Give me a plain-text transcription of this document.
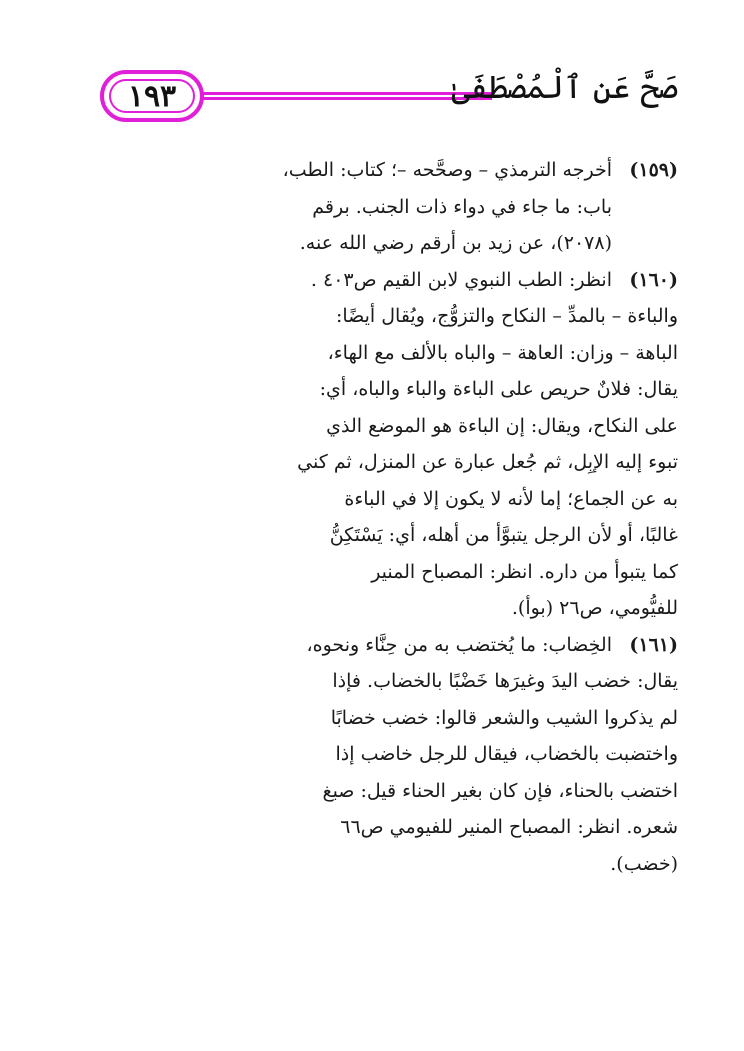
١٩٣	صَحَّ عَنِ ٱلْمُصْطَفَىٰ
(١٥٩)
أخرجه الترمذي – وصحَّحه –؛ كتاب: الطب،
باب: ما جاء في دواء ذات الجنب. برقم
(٢٠٧٨)، عن زيد بن أرقم رضي الله عنه.
(١٦٠)
انظر: الطب النبوي لابن القيم ص٤٠٣ .
والباءة – بالمدِّ – النكاح والتزوُّج، ويُقال أيضًا:
الباهة – وزان: العاهة – والباه بالألف مع الهاء،
يقال: فلانٌ حريص على الباءة والباء والباه، أي:
على النكاح، ويقال: إن الباءة هو الموضع الذي
تبوء إليه الإبِل، ثم جُعل عبارة عن المنزل، ثم كني
به عن الجماع؛ إما لأنه لا يكون إلا في الباءة
غالبًا، أو لأن الرجل يتبوَّأ من أهله، أي: يَسْتَكِنُّ
كما يتبوأ من داره. انظر: المصباح المنير
للفيُّومي، ص٢٦ (بوأ).
(١٦١)
الخِضاب: ما يُختضب به من حِنَّاء ونحوه،
يقال: خضب اليدَ وغيرَها خَضْبًا بالخضاب. فإذا
لم يذكروا الشيب والشعر قالوا: خضب خضابًا
واختضبت بالخضاب، فيقال للرجل خاضب إذا
اختضب بالحناء، فإن كان بغير الحناء قيل: صبغ
شعره. انظر: المصباح المنير للفيومي ص٦٦
(خضب).
